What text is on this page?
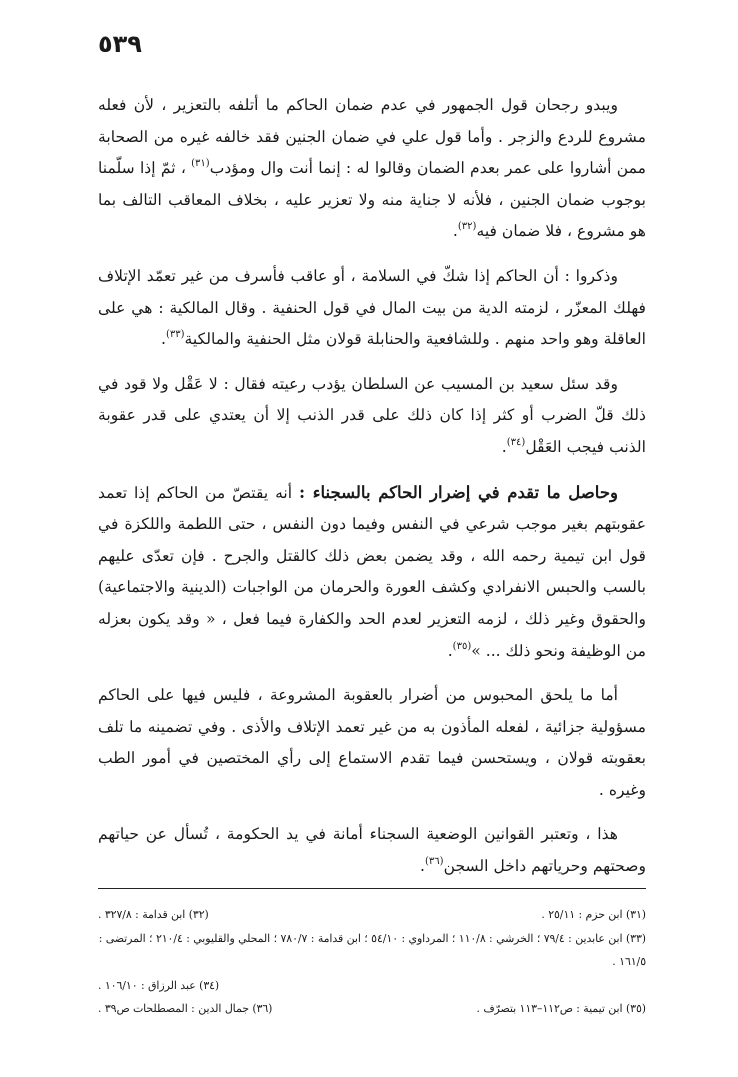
٥٣٩

ويبدو رجحان قول الجمهور في عدم ضمان الحاكم ما أتلفه بالتعزير ، لأن فعله مشروع للردع والزجر . وأما قول علي في ضمان الجنين فقد خالفه غيره من الصحابة ممن أشاروا على عمر بعدم الضمان وقالوا له : إنما أنت وال ومؤدب$^{(٣١)}$ ، ثمّ إذا سلّمنا بوجوب ضمان الجنين ، فلأنه لا جناية منه ولا تعزير عليه ، بخلاف المعاقب التالف بما هو مشروع ، فلا ضمان فيه$^{(٣٢)}$.

وذكروا : أن الحاكم إذا شكّ في السلامة ، أو عاقب فأسرف من غير تعمّد الإتلاف فهلك المعزّر ، لزمته الدية من بيت المال في قول الحنفية . وقال المالكية : هي على العاقلة وهو واحد منهم . وللشافعية والحنابلة قولان مثل الحنفية والمالكية$^{(٣٣)}$.

وقد سئل سعيد بن المسيب عن السلطان يؤدب رعيته فقال : لا عَقْل ولا قود في ذلك قلّ الضرب أو كثر إذا كان ذلك على قدر الذنب إلا أن يعتدي على قدر عقوبة الذنب فيجب العَقْل$^{(٣٤)}$.

وحاصل ما تقدم في إضرار الحاكم بالسجناء : أنه يقتصّ من الحاكم إذا تعمد عقوبتهم بغير موجب شرعي في النفس وفيما دون النفس ، حتى اللطمة واللكزة في قول ابن تيمية رحمه الله ، وقد يضمن بعض ذلك كالقتل والجرح . فإن تعدّى عليهم بالسب والحبس الانفرادي وكشف العورة والحرمان من الواجبات (الدينية والاجتماعية) والحقوق وغير ذلك ، لزمه التعزير لعدم الحد والكفارة فيما فعل ، « وقد يكون بعزله من الوظيفة ونحو ذلك ... »$^{(٣٥)}$.

أما ما يلحق المحبوس من أضرار بالعقوبة المشروعة ، فليس فيها على الحاكم مسؤولية جزائية ، لفعله المأذون به من غير تعمد الإتلاف والأذى . وفي تضمينه ما تلف بعقوبته قولان ، ويستحسن فيما تقدم الاستماع إلى رأي المختصين في أمور الطب وغيره .

هذا ، وتعتبر القوانين الوضعية السجناء أمانة في يد الحكومة ، تُسأل عن حياتهم وصحتهم وحرياتهم داخل السجن$^{(٣٦)}$.

(٣١) ابن حزم : ٢٥/١١ .
(٣٢) ابن قدامة : ٣٢٧/٨ .
(٣٣) ابن عابدين : ٧٩/٤ ؛ الخرشي : ١١٠/٨ ؛ المرداوي : ٥٤/١٠ ؛ ابن قدامة : ٧٨٠/٧ ؛ المحلي والقليوبي : ٢١٠/٤ ؛ المرتضى : ١٦١/٥ .
(٣٤) عبد الرزاق : ١٠٦/١٠ .
(٣٥) ابن تيمية : ص١١٢–١١٣ بتصرّف .
(٣٦) جمال الدين : المصطلحات ص٣٩ .
